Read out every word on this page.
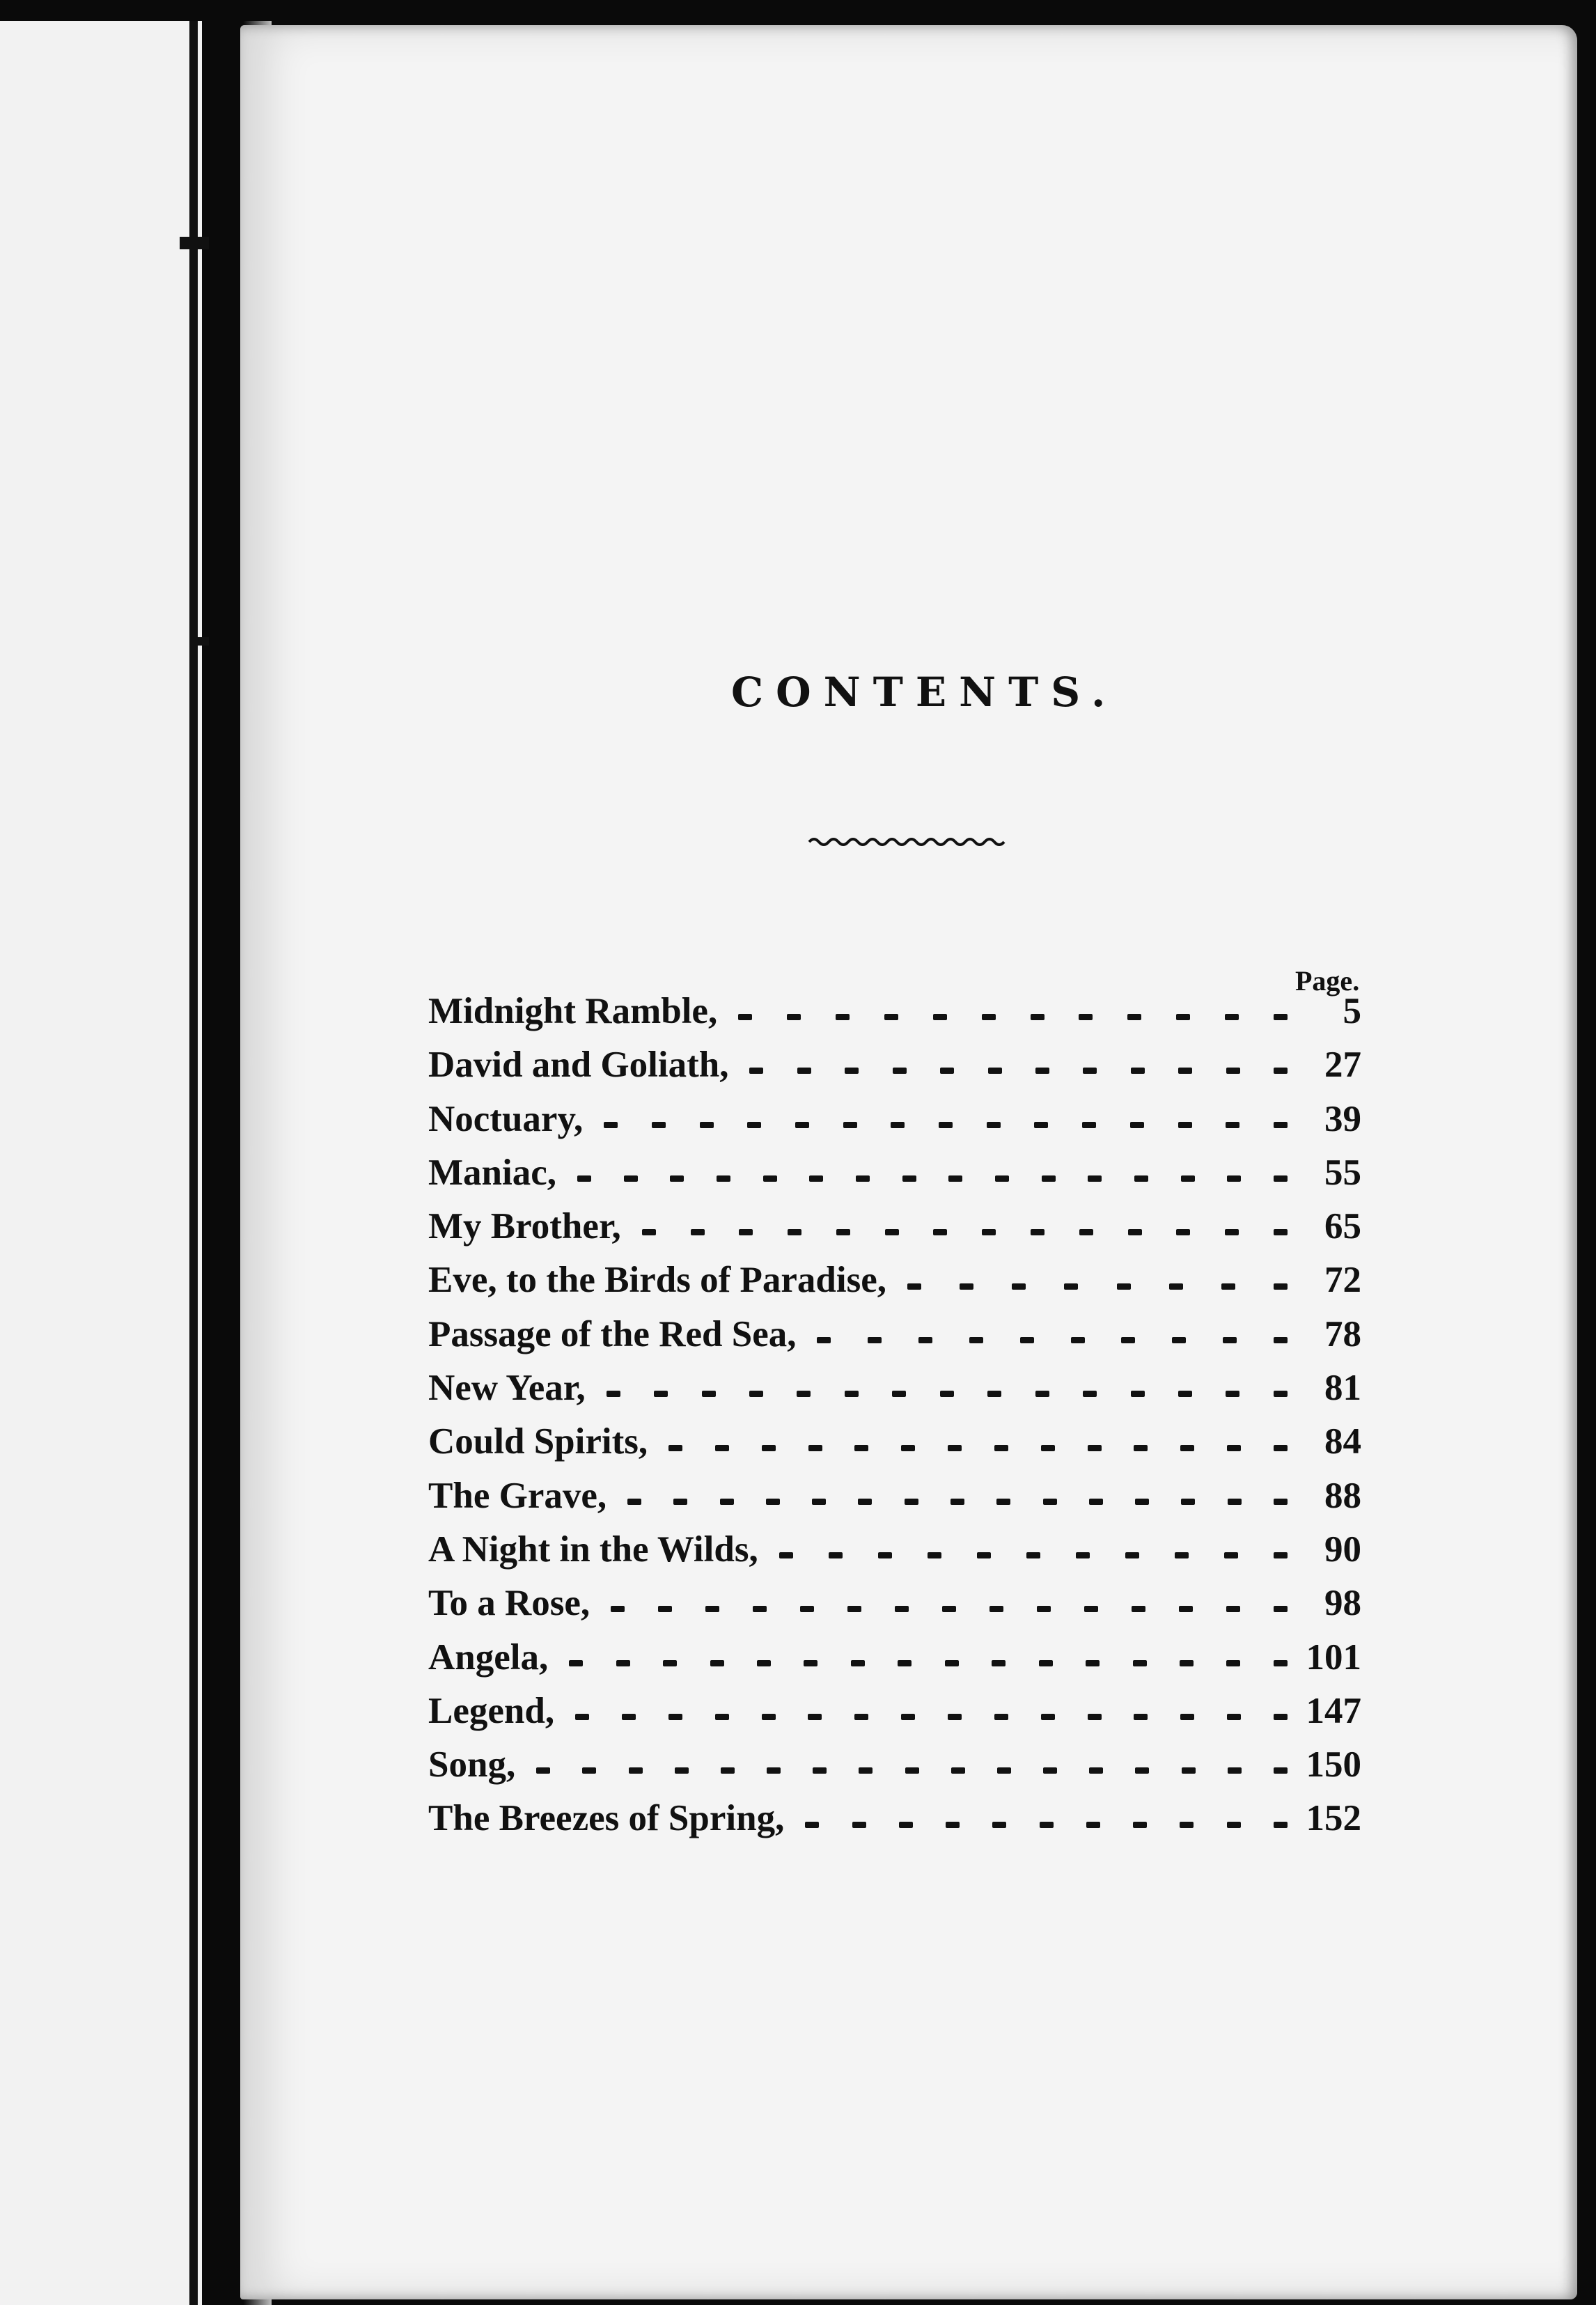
CONTENTS.
Page.
Midnight Ramble,	5
David and Goliath,	27
Noctuary,	39
Maniac,	55
My Brother,	65
Eve, to the Birds of Paradise,	72
Passage of the Red Sea,	78
New Year,	81
Could Spirits,	84
The Grave,	88
A Night in the Wilds,	90
To a Rose,	98
Angela,	101
Legend,	147
Song,	150
The Breezes of Spring,	152
